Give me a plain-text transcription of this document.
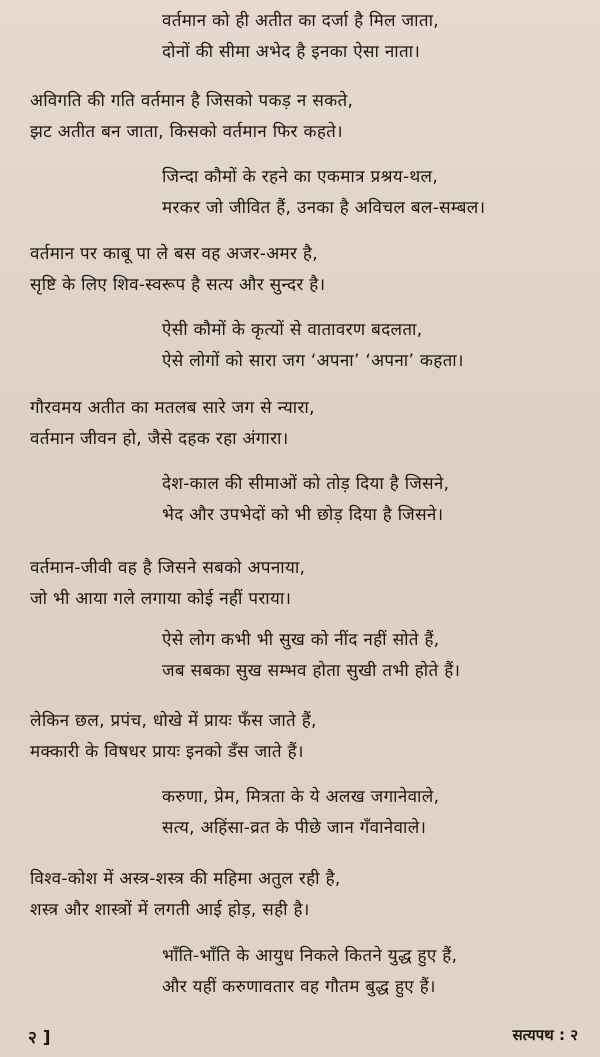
वर्तमान को ही अतीत का दर्जा है मिल जाता,
दोनों की सीमा अभेद है इनका ऐसा नाता।
अविगति की गति वर्तमान है जिसको पकड़ न सकते,
झट अतीत बन जाता, किसको वर्तमान फिर कहते।
जिन्दा कौमों के रहने का एकमात्र प्रश्रय-थल,
मरकर जो जीवित हैं, उनका है अविचल बल-सम्बल।
वर्तमान पर काबू पा ले बस वह अजर-अमर है,
सृष्टि के लिए शिव-स्वरूप है सत्य और सुन्दर है।
ऐसी कौमों के कृत्यों से वातावरण बदलता,
ऐसे लोगों को सारा जग ‘अपना’ ‘अपना’ कहता।
गौरवमय अतीत का मतलब सारे जग से न्यारा,
वर्तमान जीवन हो, जैसे दहक रहा अंगारा।
देश-काल की सीमाओं को तोड़ दिया है जिसने,
भेद और उपभेदों को भी छोड़ दिया है जिसने।
वर्तमान-जीवी वह है जिसने सबको अपनाया,
जो भी आया गले लगाया कोई नहीं पराया।
ऐसे लोग कभी भी सुख को नींद नहीं सोते हैं,
जब सबका सुख सम्भव होता सुखी तभी होते हैं।
लेकिन छल, प्रपंच, धोखे में प्रायः फँस जाते हैं,
मक्कारी के विषधर प्रायः इनको डँस जाते हैं।
करुणा, प्रेम, मित्रता के ये अलख जगानेवाले,
सत्य, अहिंसा-व्रत के पीछे जान गँवानेवाले।
विश्व-कोश में अस्त्र-शस्त्र की महिमा अतुल रही है,
शस्त्र और शास्त्रों में लगती आई होड़, सही है।
भाँति-भाँति के आयुध निकले कितने युद्ध हुए हैं,
और यहीं करुणावतार वह गौतम बुद्ध हुए हैं।
२ ]	सत्यपथ : २
